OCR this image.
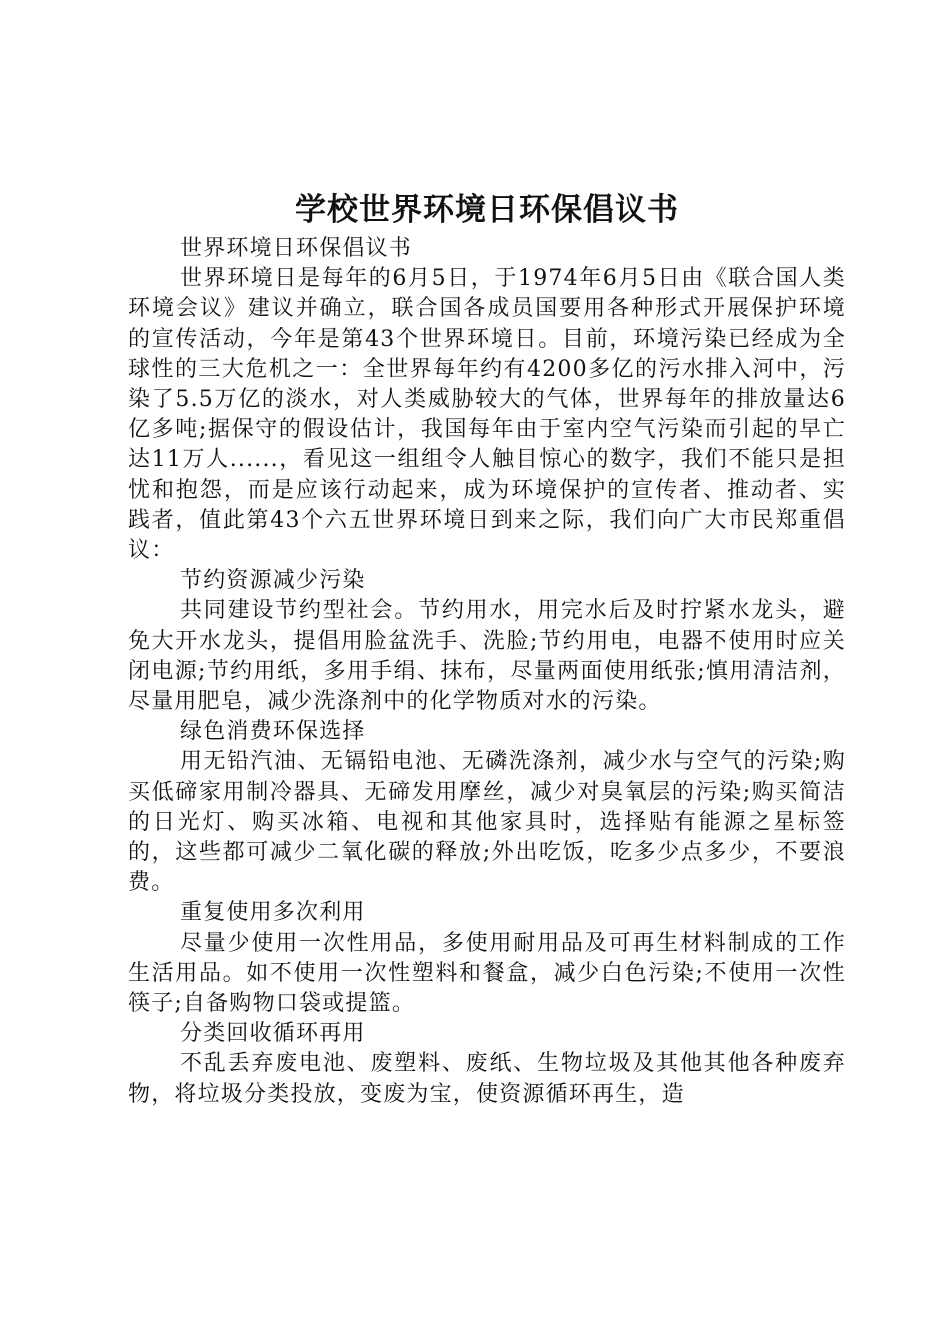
学校世界环境日环保倡议书

世界环境日环保倡议书

世界环境日是每年的6月5日，于1974年6月5日由《联合国人类环境会议》建议并确立，联合国各成员国要用各种形式开展保护环境的宣传活动，今年是第43个世界环境日。目前，环境污染已经成为全球性的三大危机之一：全世界每年约有4200多亿的污水排入河中，污染了5.5万亿的淡水，对人类威胁较大的气体，世界每年的排放量达6亿多吨;据保守的假设估计，我国每年由于室内空气污染而引起的早亡达11万人......，看见这一组组令人触目惊心的数字，我们不能只是担忧和抱怨，而是应该行动起来，成为环境保护的宣传者、推动者、实践者，值此第43个六五世界环境日到来之际，我们向广大市民郑重倡议：

节约资源减少污染

共同建设节约型社会。节约用水，用完水后及时拧紧水龙头，避免大开水龙头，提倡用脸盆洗手、洗脸;节约用电，电器不使用时应关闭电源;节约用纸，多用手绢、抹布，尽量两面使用纸张;慎用清洁剂，尽量用肥皂，减少洗涤剂中的化学物质对水的污染。

绿色消费环保选择

用无铅汽油、无镉铅电池、无磷洗涤剂，减少水与空气的污染;购买低碲家用制冷器具、无碲发用摩丝，减少对臭氧层的污染;购买简洁的日光灯、购买冰箱、电视和其他家具时，选择贴有能源之星标签的，这些都可减少二氧化碳的释放;外出吃饭，吃多少点多少，不要浪费。

重复使用多次利用

尽量少使用一次性用品，多使用耐用品及可再生材料制成的工作生活用品。如不使用一次性塑料和餐盒，减少白色污染;不使用一次性筷子;自备购物口袋或提篮。

分类回收循环再用

不乱丢弃废电池、废塑料、废纸、生物垃圾及其他其他各种废弃物，将垃圾分类投放，变废为宝，使资源循环再生，造
